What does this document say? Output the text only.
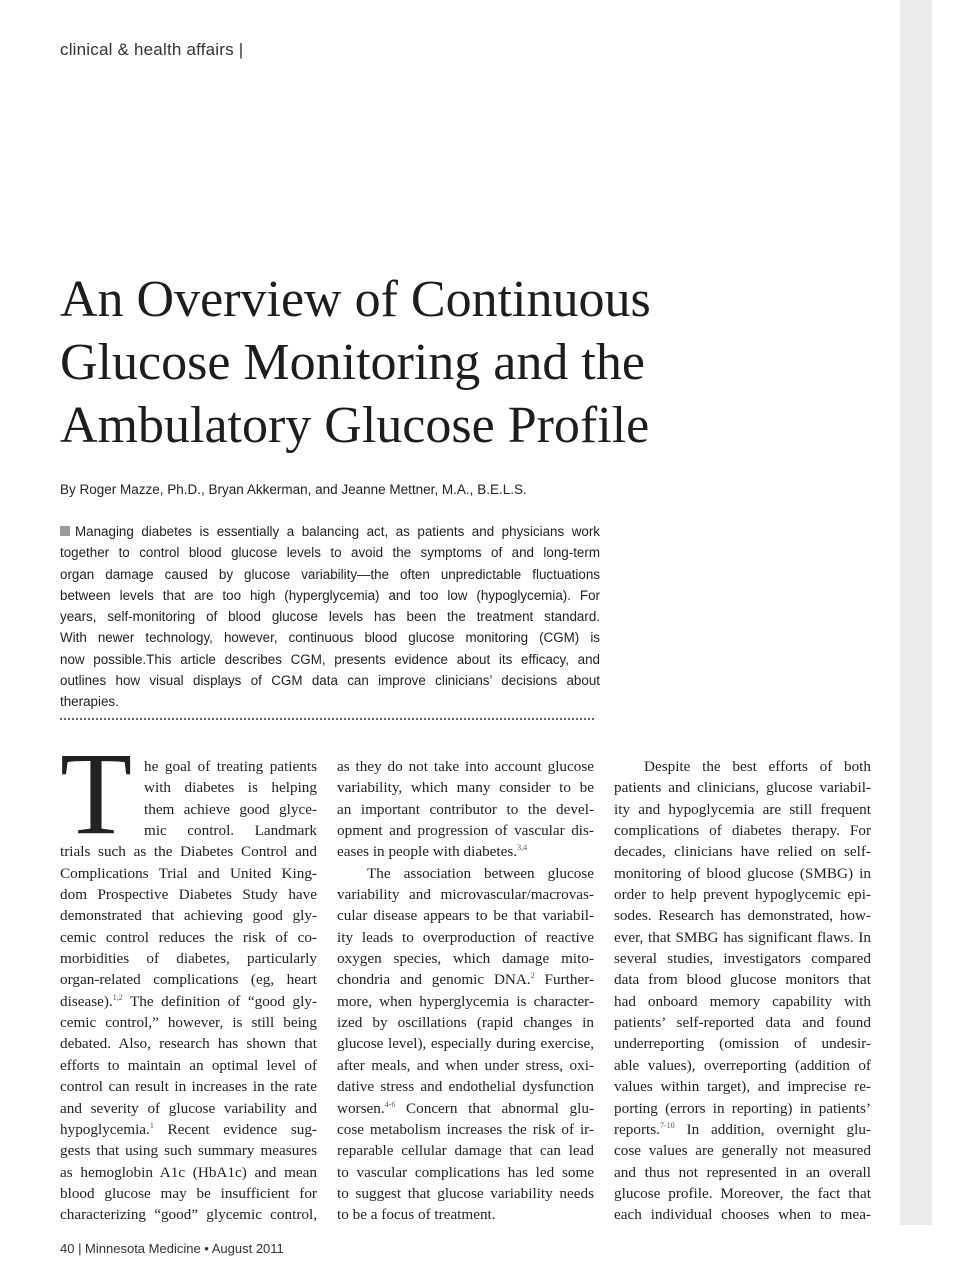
clinical & health affairs |
An Overview of Continuous
Glucose Monitoring and the
Ambulatory Glucose Profile
By Roger Mazze, Ph.D., Bryan Akkerman, and Jeanne Mettner, M.A., B.E.L.S.
Managing diabetes is essentially a balancing act, as patients and physicians work
together to control blood glucose levels to avoid the symptoms of and long-term
organ damage caused by glucose variability—the often unpredictable fluctuations
between levels that are too high (hyperglycemia) and too low (hypoglycemia). For
years, self-monitoring of blood glucose levels has been the treatment standard.
With newer technology, however, continuous blood glucose monitoring (CGM) is
now possible.This article describes CGM, presents evidence about its efficacy, and
outlines how visual displays of CGM data can improve clinicians’ decisions about
therapies.
T he goal of treating patients
with diabetes is helping
them achieve good glyce-
mic control. Landmark
trials such as the Diabetes Control and
Complications Trial and United King-
dom Prospective Diabetes Study have
demonstrated that achieving good gly-
cemic control reduces the risk of co-
morbidities of diabetes, particularly
organ-related complications (eg, heart
disease).$^{1,2}$ The definition of “good gly-
cemic control,” however, is still being
debated. Also, research has shown that
efforts to maintain an optimal level of
control can result in increases in the rate
and severity of glucose variability and
hypoglycemia.$^1$ Recent evidence sug-
gests that using such summary measures
as hemoglobin A1c (HbA1c) and mean
blood glucose may be insufficient for
characterizing “good” glycemic control,
as they do not take into account glucose
variability, which many consider to be
an important contributor to the devel-
opment and progression of vascular dis-
eases in people with diabetes.$^{3,4}$
The association between glucose
variability and microvascular/macrovas-
cular disease appears to be that variabil-
ity leads to overproduction of reactive
oxygen species, which damage mito-
chondria and genomic DNA.$^2$ Further-
more, when hyperglycemia is character-
ized by oscillations (rapid changes in
glucose level), especially during exercise,
after meals, and when under stress, oxi-
dative stress and endothelial dysfunction
worsen.$^{4-6}$ Concern that abnormal glu-
cose metabolism increases the risk of ir-
reparable cellular damage that can lead
to vascular complications has led some
to suggest that glucose variability needs
to be a focus of treatment.
Despite the best efforts of both
patients and clinicians, glucose variabil-
ity and hypoglycemia are still frequent
complications of diabetes therapy. For
decades, clinicians have relied on self-
monitoring of blood glucose (SMBG) in
order to help prevent hypoglycemic epi-
sodes. Research has demonstrated, how-
ever, that SMBG has significant flaws. In
several studies, investigators compared
data from blood glucose monitors that
had onboard memory capability with
patients’ self-reported data and found
underreporting (omission of undesir-
able values), overreporting (addition of
values within target), and imprecise re-
porting (errors in reporting) in patients’
reports.$^{7-10}$ In addition, overnight glu-
cose values are generally not measured
and thus not represented in an overall
glucose profile. Moreover, the fact that
each individual chooses when to mea-
40 | Minnesota Medicine • August 2011
